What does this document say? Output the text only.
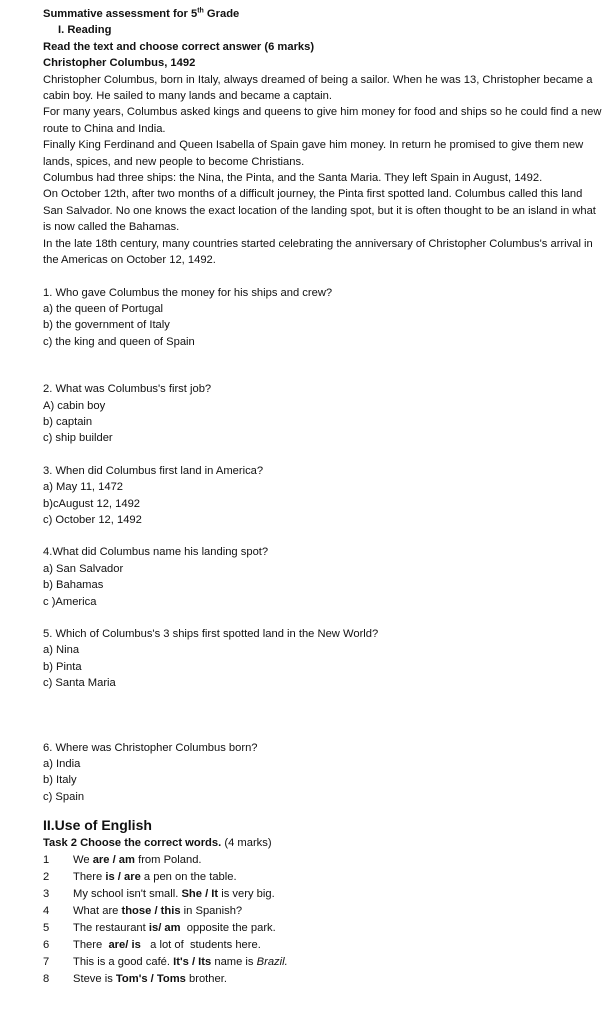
Summative assessment for 5th Grade
I. Reading
Read the text and choose correct answer (6 marks)
Christopher Columbus, 1492
Christopher Columbus, born in Italy, always dreamed of being a sailor. When he was 13, Christopher became a cabin boy. He sailed to many lands and became a captain.
For many years, Columbus asked kings and queens to give him money for food and ships so he could find a new route to China and India.
Finally King Ferdinand and Queen Isabella of Spain gave him money. In return he promised to give them new lands, spices, and new people to become Christians.
Columbus had three ships: the Nina, the Pinta, and the Santa Maria. They left Spain in August, 1492.
On October 12th, after two months of a difficult journey, the Pinta first spotted land. Columbus called this land San Salvador. No one knows the exact location of the landing spot, but it is often thought to be an island in what is now called the Bahamas.
In the late 18th century, many countries started celebrating the anniversary of Christopher Columbus's arrival in the Americas on October 12, 1492.
1. Who gave Columbus the money for his ships and crew?
a) the queen of Portugal
b) the government of Italy
c) the king and queen of Spain
2. What was Columbus's first job?
A) cabin boy
b) captain
c) ship builder
3. When did Columbus first land in America?
a) May 11, 1472
b)cAugust 12, 1492
c) October 12, 1492
4.What did Columbus name his landing spot?
a) San Salvador
b) Bahamas
c )America
5. Which of Columbus's 3 ships first spotted land in the New World?
a) Nina
b) Pinta
c) Santa Maria
6. Where was Christopher Columbus born?
a) India
b) Italy
c) Spain
II.Use of English
Task 2 Choose the correct words. (4 marks)
1	We are / am from Poland.
2	There is / are a pen on the table.
3	My school isn't small. She / It is very big.
4	What are those / this in Spanish?
5	The restaurant is/ am  opposite the park.
6	There  are/ is   a lot of  students here.
7	This is a good café. It's / Its name is Brazil.
8	Steve is Tom's / Toms brother.
